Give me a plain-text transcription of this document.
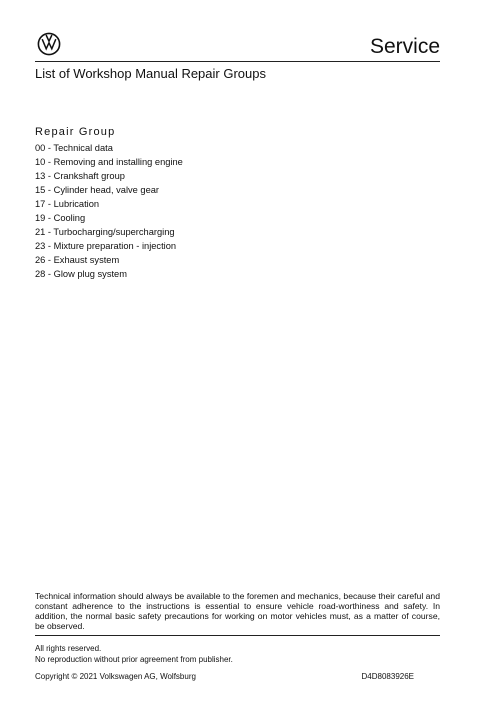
Service
List of Workshop Manual Repair Groups
Repair Group
00 - Technical data
10 - Removing and installing engine
13 - Crankshaft group
15 - Cylinder head, valve gear
17 - Lubrication
19 - Cooling
21 - Turbocharging/supercharging
23 - Mixture preparation - injection
26 - Exhaust system
28 - Glow plug system
Technical information should always be available to the foremen and mechanics, because their careful and constant adherence to the instructions is essential to ensure vehicle road-worthiness and safety. In addition, the normal basic safety precautions for working on motor vehicles must, as a matter of course, be observed.
All rights reserved.
No reproduction without prior agreement from publisher.
Copyright © 2021 Volkswagen AG, Wolfsburg	D4D8083926E
